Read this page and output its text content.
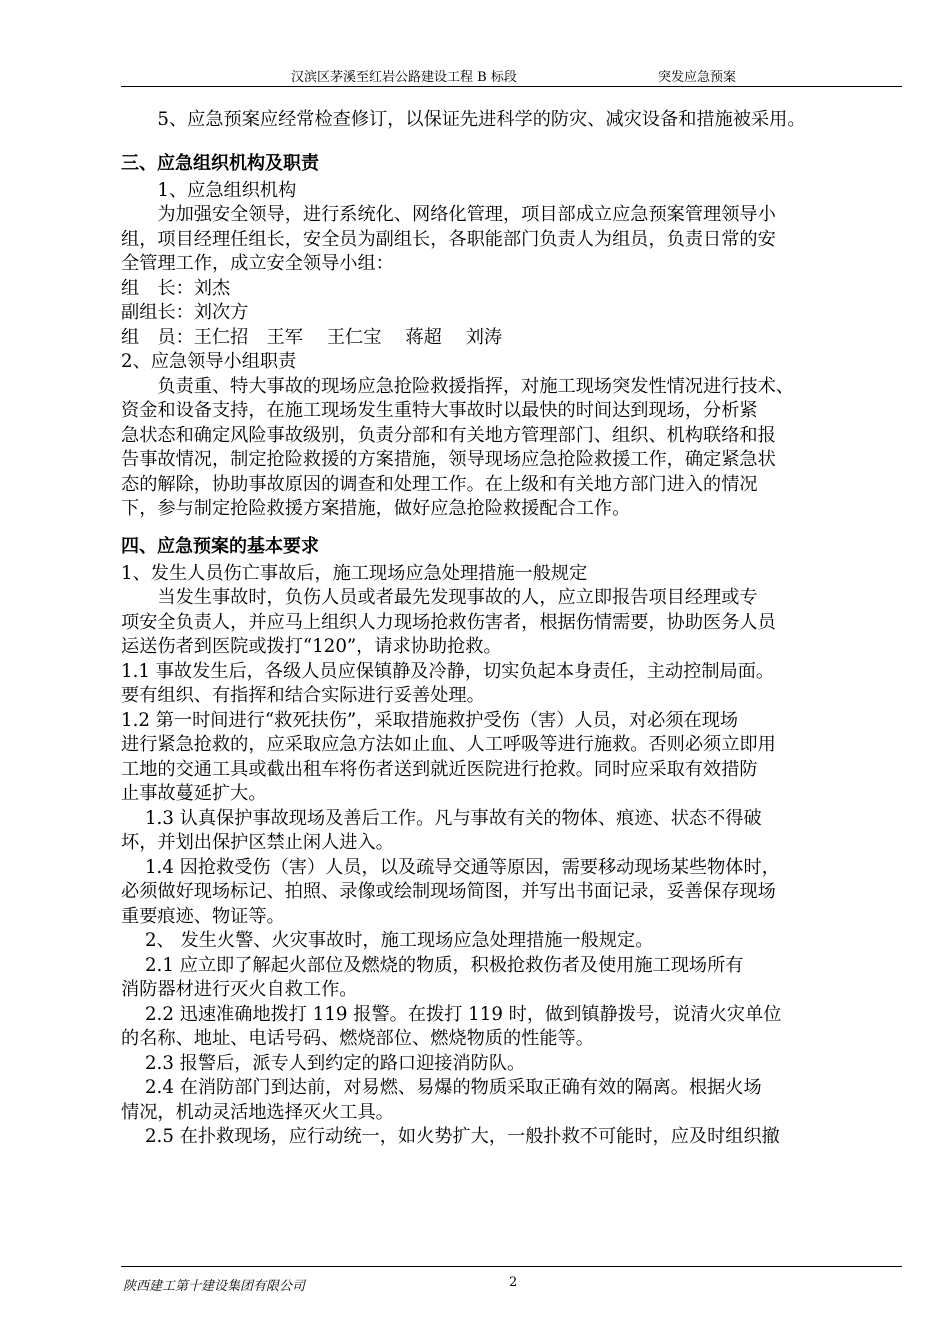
汉滨区茅溪至红岩公路建设工程 B 标段	突发应急预案

　　5、应急预案应经常检查修订，以保证先进科学的防灾、减灾设备和措施被采用。

三、应急组织机构及职责

　　1、应急组织机构

　　为加强安全领导，进行系统化、网络化管理，项目部成立应急预案管理领导小

组，项目经理任组长，安全员为副组长，各职能部门负责人为组员，负责日常的安

全管理工作，成立安全领导小组：

组　长：刘杰

副组长：刘次方

组　员：王仁招　王军　 王仁宝　 蒋超　 刘涛

2、应急领导小组职责

　　负责重、特大事故的现场应急抢险救援指挥，对施工现场突发性情况进行技术、

资金和设备支持，在施工现场发生重特大事故时以最快的时间达到现场，分析紧

急状态和确定风险事故级别，负责分部和有关地方管理部门、组织、机构联络和报

告事故情况，制定抢险救援的方案措施，领导现场应急抢险救援工作，确定紧急状

态的解除，协助事故原因的调查和处理工作。在上级和有关地方部门进入的情况

下，参与制定抢险救援方案措施，做好应急抢险救援配合工作。

四、应急预案的基本要求

1、发生人员伤亡事故后，施工现场应急处理措施一般规定

　　当发生事故时，负伤人员或者最先发现事故的人，应立即报告项目经理或专

项安全负责人，并应马上组织人力现场抢救伤害者，根据伤情需要，协助医务人员

运送伤者到医院或拨打“120”，请求协助抢救。

1.1 事故发生后，各级人员应保镇静及冷静，切实负起本身责任，主动控制局面。

要有组织、有指挥和结合实际进行妥善处理。

1.2 第一时间进行“救死扶伤”，采取措施救护受伤（害）人员，对必须在现场

进行紧急抢救的，应采取应急方法如止血、人工呼吸等进行施救。否则必须立即用

工地的交通工具或截出租车将伤者送到就近医院进行抢救。同时应采取有效措防

止事故蔓延扩大。

　 1.3 认真保护事故现场及善后工作。凡与事故有关的物体、痕迹、状态不得破

坏，并划出保护区禁止闲人进入。

　 1.4 因抢救受伤（害）人员，以及疏导交通等原因，需要移动现场某些物体时，

必须做好现场标记、拍照、录像或绘制现场简图，并写出书面记录，妥善保存现场

重要痕迹、物证等。

　 2、 发生火警、火灾事故时，施工现场应急处理措施一般规定。

　 2.1 应立即了解起火部位及燃烧的物质，积极抢救伤者及使用施工现场所有

消防器材进行灭火自救工作。

　 2.2 迅速准确地拨打 119 报警。在拨打 119 时，做到镇静拨号，说清火灾单位

的名称、地址、电话号码、燃烧部位、燃烧物质的性能等。

　 2.3 报警后，派专人到约定的路口迎接消防队。

　 2.4 在消防部门到达前，对易燃、易爆的物质采取正确有效的隔离。根据火场

情况，机动灵活地选择灭火工具。

　 2.5 在扑救现场，应行动统一，如火势扩大，一般扑救不可能时，应及时组织撤

陕西建工第十建设集团有限公司	2
